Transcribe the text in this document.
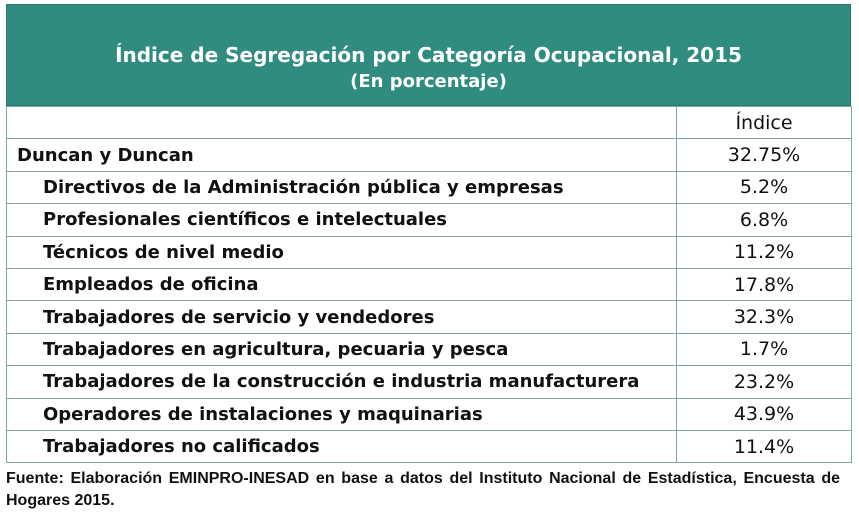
Índice de Segregación por Categoría Ocupacional, 2015
(En porcentaje)
	Índice
Duncan y Duncan	32.75%
Directivos de la Administración pública y empresas	5.2%
Profesionales científicos e intelectuales	6.8%
Técnicos de nivel medio	11.2%
Empleados de oficina	17.8%
Trabajadores de servicio y vendedores	32.3%
Trabajadores en agricultura, pecuaria y pesca	1.7%
Trabajadores de la construcción e industria manufacturera	23.2%
Operadores de instalaciones y maquinarias	43.9%
Trabajadores no calificados	11.4%
Fuente: Elaboración EMINPRO-INESAD en base a datos del Instituto Nacional de Estadística, Encuesta de Hogares 2015.
